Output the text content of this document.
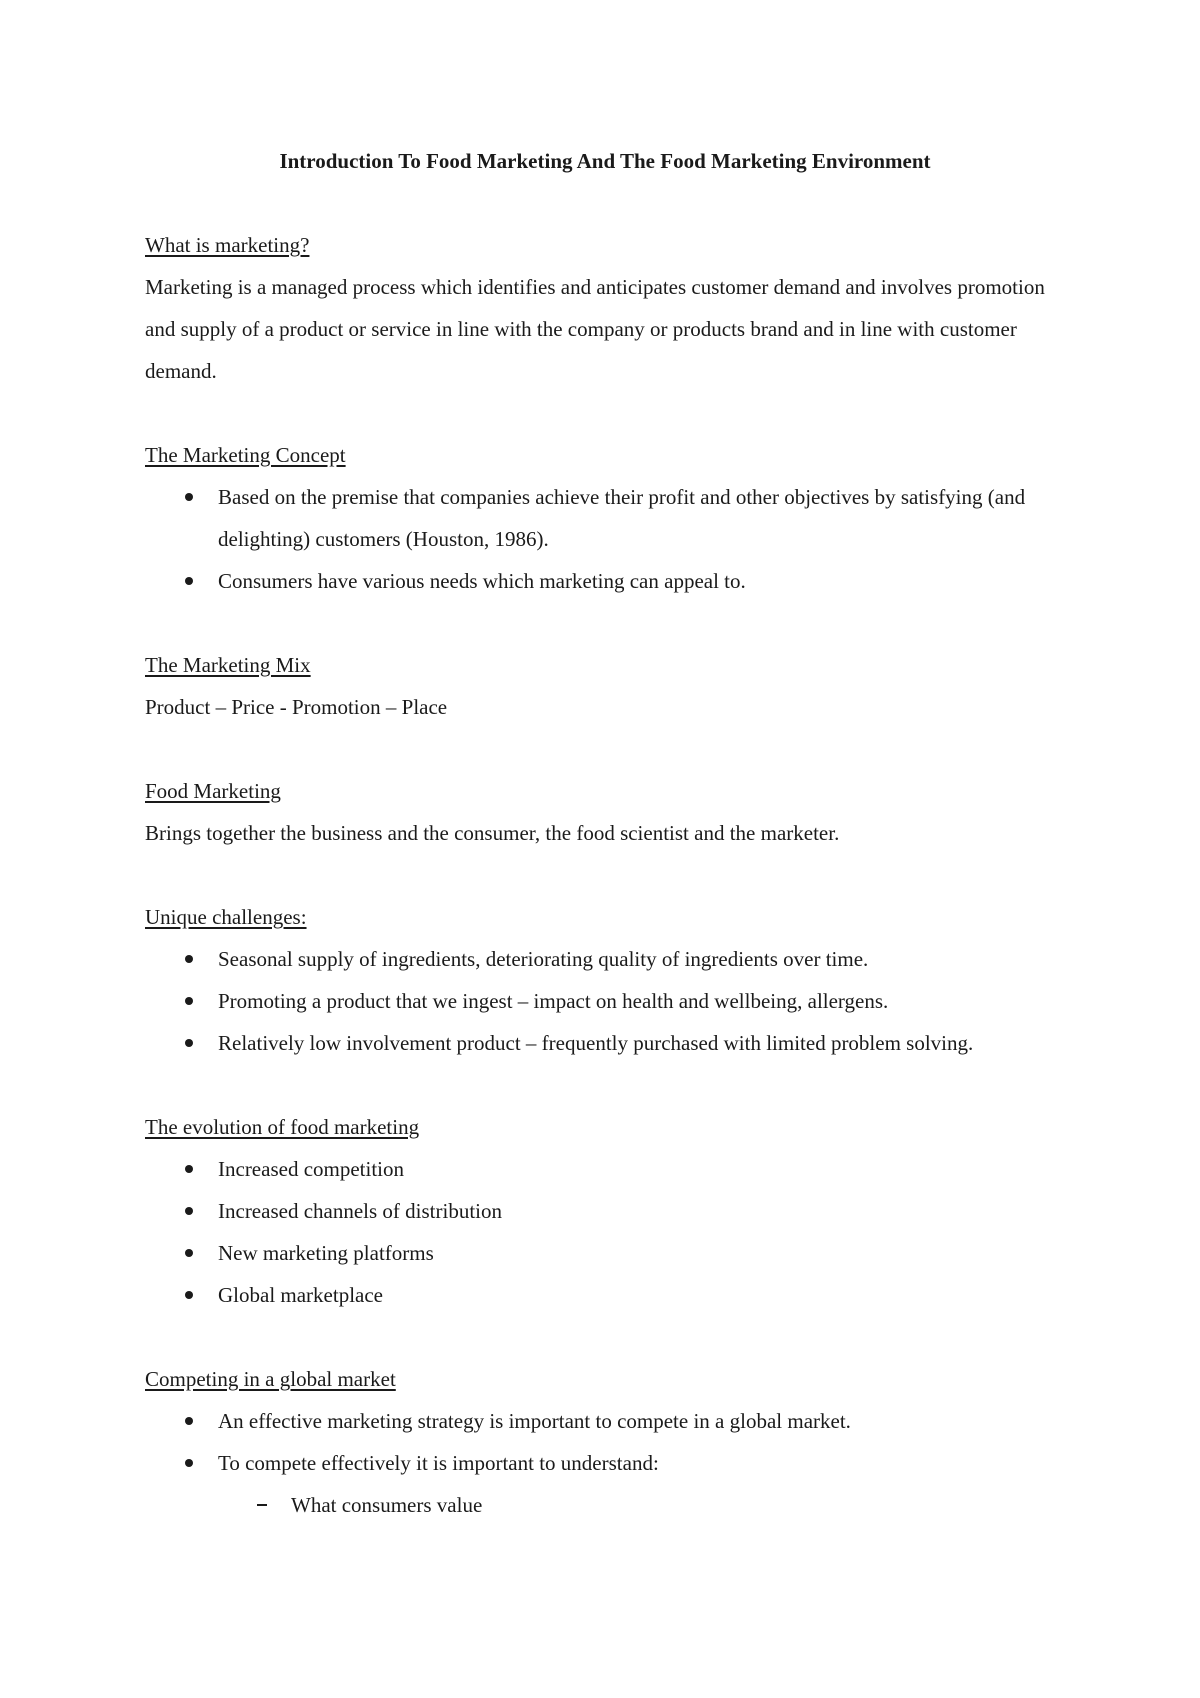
Introduction To Food Marketing And The Food Marketing Environment
What is marketing?
Marketing is a managed process which identifies and anticipates customer demand and involves promotion and supply of a product or service in line with the company or products brand and in line with customer demand.
The Marketing Concept
Based on the premise that companies achieve their profit and other objectives by satisfying (and delighting) customers (Houston, 1986).
Consumers have various needs which marketing can appeal to.
The Marketing Mix
Product – Price - Promotion – Place
Food Marketing
Brings together the business and the consumer, the food scientist and the marketer.
Unique challenges:
Seasonal supply of ingredients, deteriorating quality of ingredients over time.
Promoting a product that we ingest – impact on health and wellbeing, allergens.
Relatively low involvement product – frequently purchased with limited problem solving.
The evolution of food marketing
Increased competition
Increased channels of distribution
New marketing platforms
Global marketplace
Competing in a global market
An effective marketing strategy is important to compete in a global market.
To compete effectively it is important to understand:
What consumers value
